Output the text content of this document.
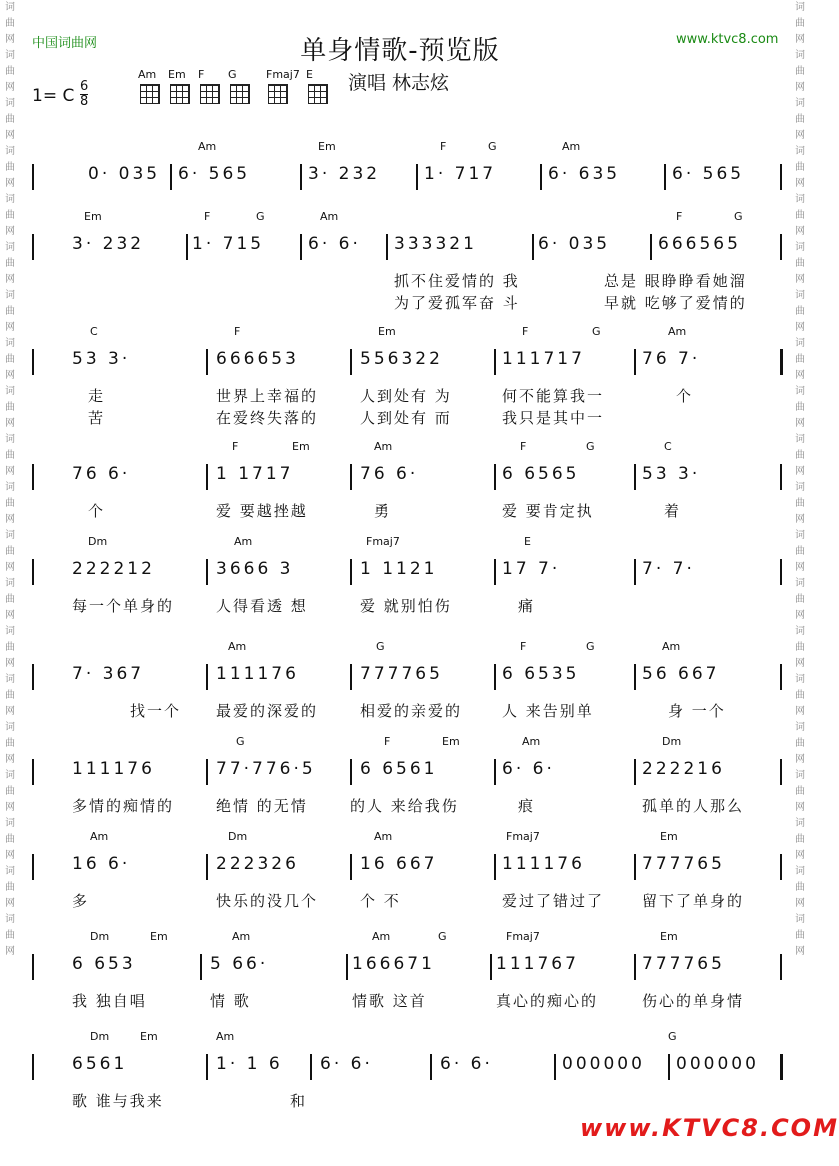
词曲网词曲网词曲网词曲网词曲网词曲网词曲网词曲网词曲网词曲网词曲网词曲网词曲网词曲网词曲网词曲网词曲网词曲网词曲网词曲网
词曲网词曲网词曲网词曲网词曲网词曲网词曲网词曲网词曲网词曲网词曲网词曲网词曲网词曲网词曲网词曲网词曲网词曲网词曲网词曲网
中国词曲网	www.ktvc8.com
单身情歌-预览版
演唱 林志炫
1= C $\frac{6}{8}$
Am Em F G	Fmaj7 E
Am	Em	F	G	Am
0· 035 6· 565	3· 232	1· 717	6· 635	6· 565
Em	F	G	Am	F	G
3· 232	1· 715	6· 6· 333321	6· 035	666565
抓不住爱情的 我	总是 眼睁睁看她溜
为了爱孤军奋 斗	早就 吃够了爱情的
C	F	Em	F	G	Am
53 3·	666653	556322	111717	76 7·
走	世界上幸福的	人到处有 为	何不能算我一	个
苦	在爱终失落的	人到处有 而	我只是其中一
F	Em	Am	F	G	C
76 6·	1 1717	76 6·	6 6565	53 3·
个	爱 要越挫越	勇	爱 要肯定执	着
Dm	Am	Fmaj7	E
222212	3666 3	1 1121	17 7·	7· 7·
每一个单身的	人得看透 想	爱 就别怕伤	痛
Am	G	F	G	Am
7· 367	111176	777765	6 6535	56 667
找一个 最爱的深爱的	相爱的亲爱的	人 来告别单	身 一个
G	F	Em	Am	Dm
111176	77·776·5	6 6561	6· 6·	222216
多情的痴情的	绝情 的无情	的人 来给我伤	痕	孤单的人那么
Am	Dm	Am	Fmaj7	Em
16 6·	222326	16 667	111176	777765
多	快乐的没几个	个 不	爱过了错过了	留下了单身的
Dm	Em	Am	Am	G	Fmaj7	Em
6 653	5 66·	166671	111767	777765
我 独自唱	情 歌	情歌 这首	真心的痴心的	伤心的单身情
Dm	Em	Am	G
6561	1· 1 6 6· 6·	6· 6·	000000 000000
歌 谁与我来	和
www.KTVC8.COM
